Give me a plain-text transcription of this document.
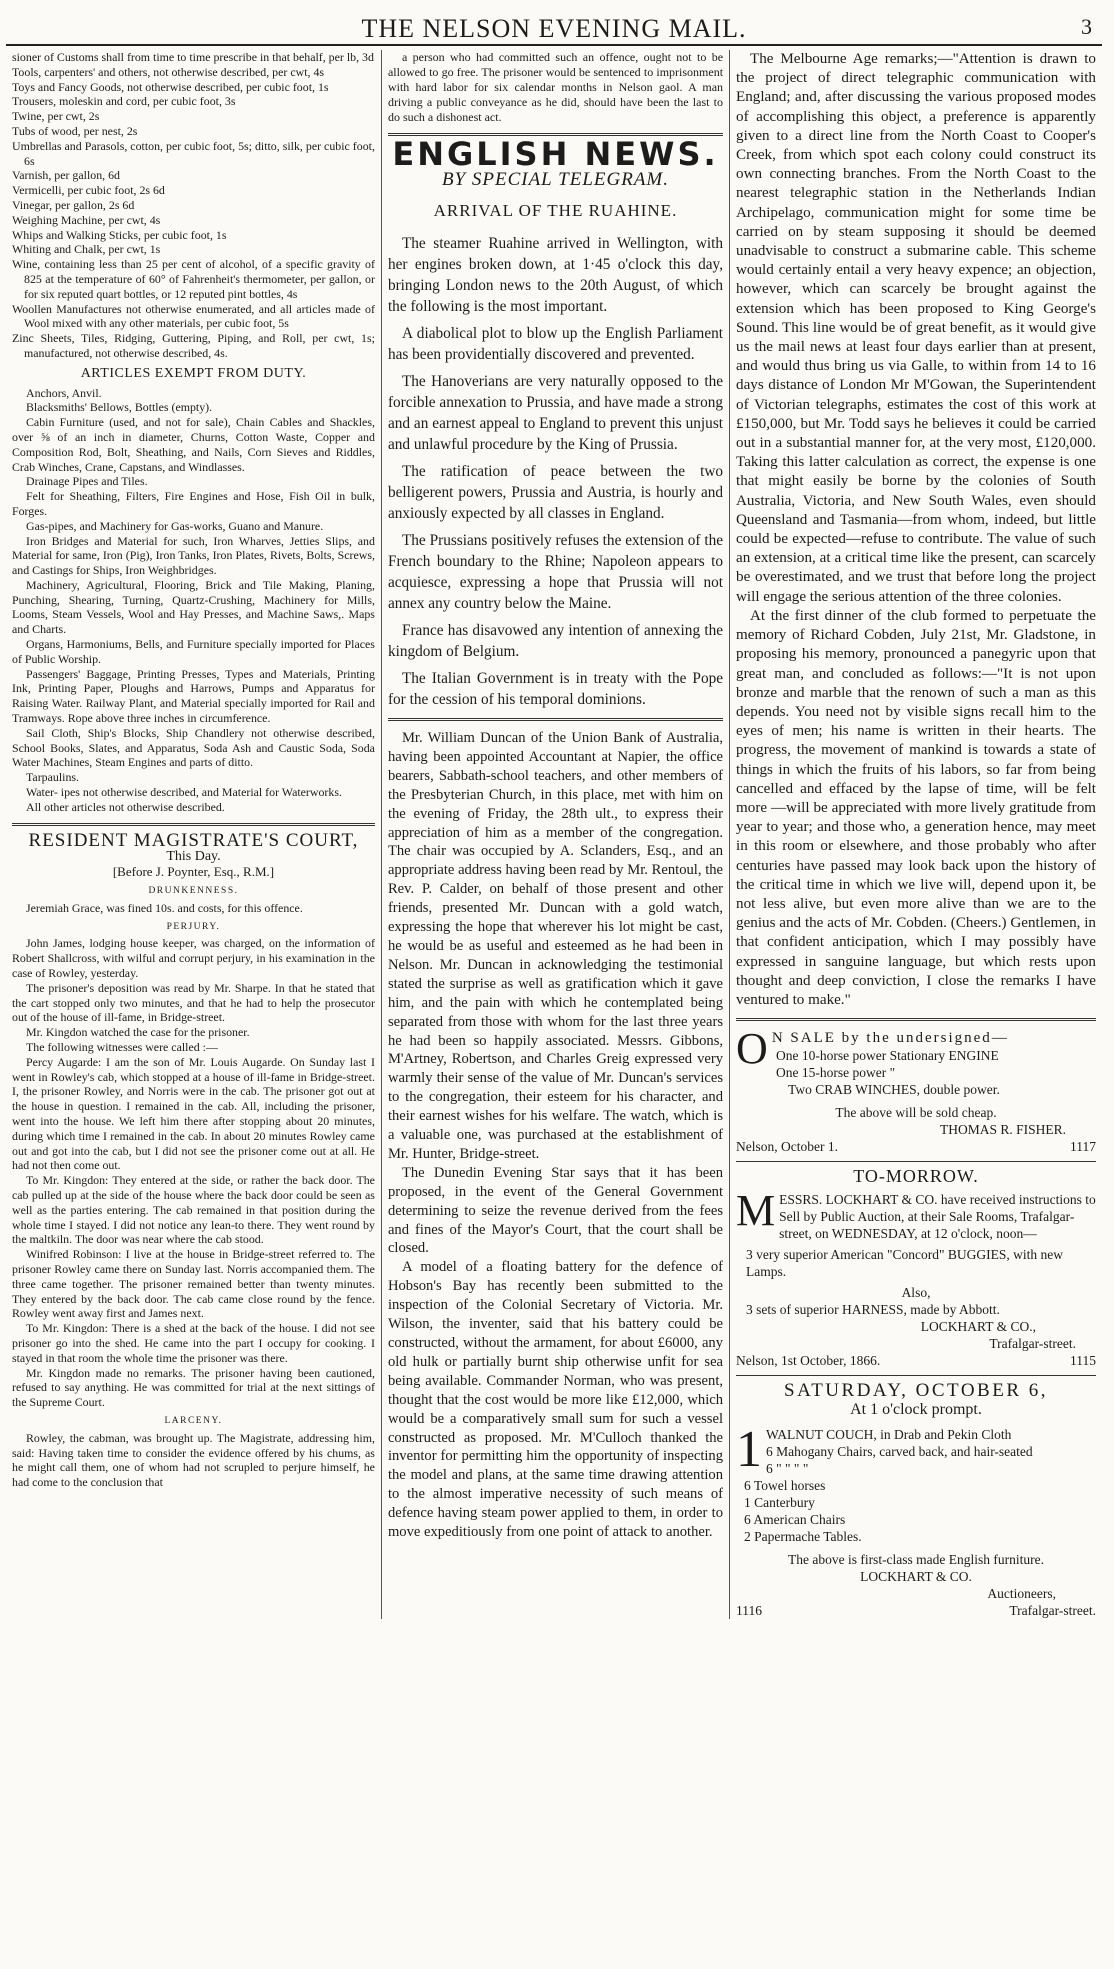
THE NELSON EVENING MAIL.	3

sioner of Customs shall from time to time prescribe in that behalf, per lb, 3d

Tools, carpenters' and others, not otherwise described, per cwt, 4s

Toys and Fancy Goods, not otherwise described, per cubic foot, 1s

Trousers, moleskin and cord, per cubic foot, 3s

Twine, per cwt, 2s

Tubs of wood, per nest, 2s

Umbrellas and Parasols, cotton, per cubic foot, 5s; ditto, silk, per cubic foot, 6s

Varnish, per gallon, 6d

Vermicelli, per cubic foot, 2s 6d

Vinegar, per gallon, 2s 6d

Weighing Machine, per cwt, 4s

Whips and Walking Sticks, per cubic foot, 1s

Whiting and Chalk, per cwt, 1s

Wine, containing less than 25 per cent of alcohol, of a specific gravity of 825 at the temperature of 60° of Fahrenheit's thermometer, per gallon, or for six reputed quart bottles, or 12 reputed pint bottles, 4s

Woollen Manufactures not otherwise enumerated, and all articles made of Wool mixed with any other materials, per cubic foot, 5s

Zinc Sheets, Tiles, Ridging, Guttering, Piping, and Roll, per cwt, 1s; manufactured, not otherwise described, 4s.

ARTICLES EXEMPT FROM DUTY.

Anchors, Anvil.

Blacksmiths' Bellows, Bottles (empty).

Cabin Furniture (used, and not for sale), Chain Cables and Shackles, over ⅝ of an inch in diameter, Churns, Cotton Waste, Copper and Composition Rod, Bolt, Sheathing, and Nails, Corn Sieves and Riddles, Crab Winches, Crane, Capstans, and Windlasses.

Drainage Pipes and Tiles.

Felt for Sheathing, Filters, Fire Engines and Hose, Fish Oil in bulk, Forges.

Gas-pipes, and Machinery for Gas-works, Guano and Manure.

Iron Bridges and Material for such, Iron Wharves, Jetties Slips, and Material for same, Iron (Pig), Iron Tanks, Iron Plates, Rivets, Bolts, Screws, and Castings for Ships, Iron Weighbridges.

Machinery, Agricultural, Flooring, Brick and Tile Making, Planing, Punching, Shearing, Turning, Quartz-Crushing, Machinery for Mills, Looms, Steam Vessels, Wool and Hay Presses, and Machine Saws,. Maps and Charts.

Organs, Harmoniums, Bells, and Furniture specially imported for Places of Public Worship.

Passengers' Baggage, Printing Presses, Types and Materials, Printing Ink, Printing Paper, Ploughs and Harrows, Pumps and Apparatus for Raising Water. Railway Plant, and Material specially imported for Rail and Tramways. Rope above three inches in circumference.

Sail Cloth, Ship's Blocks, Ship Chandlery not otherwise described, School Books, Slates, and Apparatus, Soda Ash and Caustic Soda, Soda Water Machines, Steam Engines and parts of ditto.

Tarpaulins.

Water- ipes not otherwise described, and Material for Waterworks.

All other articles not otherwise described.

RESIDENT MAGISTRATE'S COURT,
This Day.
[Before J. Poynter, Esq., R.M.]
DRUNKENNESS.

Jeremiah Grace, was fined 10s. and costs, for this offence.

PERJURY.

John James, lodging house keeper, was charged, on the information of Robert Shallcross, with wilful and corrupt perjury, in his examination in the case of Rowley, yesterday.

The prisoner's deposition was read by Mr. Sharpe. In that he stated that the cart stopped only two minutes, and that he had to help the prosecutor out of the house of ill-fame, in Bridge-street.

Mr. Kingdon watched the case for the prisoner.

The following witnesses were called :—

Percy Augarde: I am the son of Mr. Louis Augarde. On Sunday last I went in Rowley's cab, which stopped at a house of ill-fame in Bridge-street. I, the prisoner Rowley, and Norris were in the cab. The prisoner got out at the house in question. I remained in the cab. All, including the prisoner, went into the house. We left him there after stopping about 20 minutes, during which time I remained in the cab. In about 20 minutes Rowley came out and got into the cab, but I did not see the prisoner come out at all. He had not then come out.

To Mr. Kingdon: They entered at the side, or rather the back door. The cab pulled up at the side of the house where the back door could be seen as well as the parties entering. The cab remained in that position during the whole time I stayed. I did not notice any lean-to there. They went round by the maltkiln. The door was near where the cab stood.

Winifred Robinson: I live at the house in Bridge-street referred to. The prisoner Rowley came there on Sunday last. Norris accompanied them. The three came together. The prisoner remained better than twenty minutes. They entered by the back door. The cab came close round by the fence. Rowley went away first and James next.

To Mr. Kingdon: There is a shed at the back of the house. I did not see prisoner go into the shed. He came into the part I occupy for cooking. I stayed in that room the whole time the prisoner was there.

Mr. Kingdon made no remarks. The prisoner having been cautioned, refused to say anything. He was committed for trial at the next sittings of the Supreme Court.

LARCENY.

Rowley, the cabman, was brought up. The Magistrate, addressing him, said: Having taken time to consider the evidence offered by his chums, as he might call them, one of whom had not scrupled to perjure himself, he had come to the conclusion that

a person who had committed such an offence, ought not to be allowed to go free. The prisoner would be sentenced to imprisonment with hard labor for six calendar months in Nelson gaol. A man driving a public conveyance as he did, should have been the last to do such a dishonest act.

ENGLISH NEWS.
BY SPECIAL TELEGRAM.
ARRIVAL OF THE RUAHINE.

The steamer Ruahine arrived in Wellington, with her engines broken down, at 1·45 o'clock this day, bringing London news to the 20th August, of which the following is the most important.

A diabolical plot to blow up the English Parliament has been providentially discovered and prevented.

The Hanoverians are very naturally opposed to the forcible annexation to Prussia, and have made a strong and an earnest appeal to England to prevent this unjust and unlawful procedure by the King of Prussia.

The ratification of peace between the two belligerent powers, Prussia and Austria, is hourly and anxiously expected by all classes in England.

The Prussians positively refuses the extension of the French boundary to the Rhine; Napoleon appears to acquiesce, expressing a hope that Prussia will not annex any country below the Maine.

France has disavowed any intention of annexing the kingdom of Belgium.

The Italian Government is in treaty with the Pope for the cession of his temporal dominions.

Mr. William Duncan of the Union Bank of Australia, having been appointed Accountant at Napier, the office bearers, Sabbath-school teachers, and other members of the Presbyterian Church, in this place, met with him on the evening of Friday, the 28th ult., to express their appreciation of him as a member of the congregation. The chair was occupied by A. Sclanders, Esq., and an appropriate address having been read by Mr. Rentoul, the Rev. P. Calder, on behalf of those present and other friends, presented Mr. Duncan with a gold watch, expressing the hope that wherever his lot might be cast, he would be as useful and esteemed as he had been in Nelson. Mr. Duncan in acknowledging the testimonial stated the surprise as well as gratification which it gave him, and the pain with which he contemplated being separated from those with whom for the last three years he had been so happily associated. Messrs. Gibbons, M'Artney, Robertson, and Charles Greig expressed very warmly their sense of the value of Mr. Duncan's services to the congregation, their esteem for his character, and their earnest wishes for his welfare. The watch, which is a valuable one, was purchased at the establishment of Mr. Hunter, Bridge-street.

The Dunedin Evening Star says that it has been proposed, in the event of the General Government determining to seize the revenue derived from the fees and fines of the Mayor's Court, that the court shall be closed.

A model of a floating battery for the defence of Hobson's Bay has recently been submitted to the inspection of the Colonial Secretary of Victoria. Mr. Wilson, the inventer, said that his battery could be constructed, without the armament, for about £6000, any old hulk or partially burnt ship otherwise unfit for sea being available. Commander Norman, who was present, thought that the cost would be more like £12,000, which would be a comparatively small sum for such a vessel constructed as proposed. Mr. M'Culloch thanked the inventor for permitting him the opportunity of inspecting the model and plans, at the same time drawing attention to the almost imperative necessity of such means of defence having steam power applied to them, in order to move expeditiously from one point of attack to another.

The Melbourne Age remarks;—"Attention is drawn to the project of direct telegraphic communication with England; and, after discussing the various proposed modes of accomplishing this object, a preference is apparently given to a direct line from the North Coast to Cooper's Creek, from which spot each colony could construct its own connecting branches. From the North Coast to the nearest telegraphic station in the Netherlands Indian Archipelago, communication might for some time be carried on by steam supposing it should be deemed unadvisable to construct a submarine cable. This scheme would certainly entail a very heavy expence; an objection, however, which can scarcely be brought against the extension which has been proposed to King George's Sound. This line would be of great benefit, as it would give us the mail news at least four days earlier than at present, and would thus bring us via Galle, to within from 14 to 16 days distance of London Mr M'Gowan, the Superintendent of Victorian telegraphs, estimates the cost of this work at £150,000, but Mr. Todd says he believes it could be carried out in a substantial manner for, at the very most, £120,000. Taking this latter calculation as correct, the expense is one that might easily be borne by the colonies of South Australia, Victoria, and New South Wales, even should Queensland and Tasmania—from whom, indeed, but little could be expected—refuse to contribute. The value of such an extension, at a critical time like the present, can scarcely be overestimated, and we trust that before long the project will engage the serious attention of the three colonies.

At the first dinner of the club formed to perpetuate the memory of Richard Cobden, July 21st, Mr. Gladstone, in proposing his memory, pronounced a panegyric upon that great man, and concluded as follows:—"It is not upon bronze and marble that the renown of such a man as this depends. You need not by visible signs recall him to the eyes of men; his name is written in their hearts. The progress, the movement of mankind is towards a state of things in which the fruits of his labors, so far from being cancelled and effaced by the lapse of time, will be felt more —will be appreciated with more lively gratitude from year to year; and those who, a generation hence, may meet in this room or elsewhere, and those probably who after centuries have passed may look back upon the history of the critical time in which we live will, depend upon it, be not less alive, but even more alive than we are to the genius and the acts of Mr. Cobden. (Cheers.) Gentlemen, in that confident anticipation, which I may possibly have expressed in sanguine language, but which rests upon thought and deep conviction, I close the remarks I have ventured to make."

O N SALE by the undersigned—
One 10-horse power Stationary ENGINE
One 15-horse power "
Two CRAB WINCHES, double power.
The above will be sold cheap.
THOMAS R. FISHER.
Nelson, October 1.	1117
TO-MORROW.
MESSRS. LOCKHART & CO. have received instructions to Sell by Public Auction, at their Sale Rooms, Trafalgar-street, on WEDNESDAY, at 12 o'clock, noon—
3 very superior American "Concord" BUGGIES, with new Lamps.
Also,
3 sets of superior HARNESS, made by Abbott.
LOCKHART & CO.,
Trafalgar-street.
Nelson, 1st October, 1866.	1115
SATURDAY, OCTOBER 6,
At 1 o'clock prompt.
1 WALNUT COUCH, in Drab and Pekin Cloth
6 Mahogany Chairs, carved back, and hair-seated
6 " " " "
6 Towel horses
1 Canterbury
6 American Chairs
2 Papermache Tables.
The above is first-class made English furniture.
LOCKHART & CO.
Auctioneers,
1116	Trafalgar-street.
